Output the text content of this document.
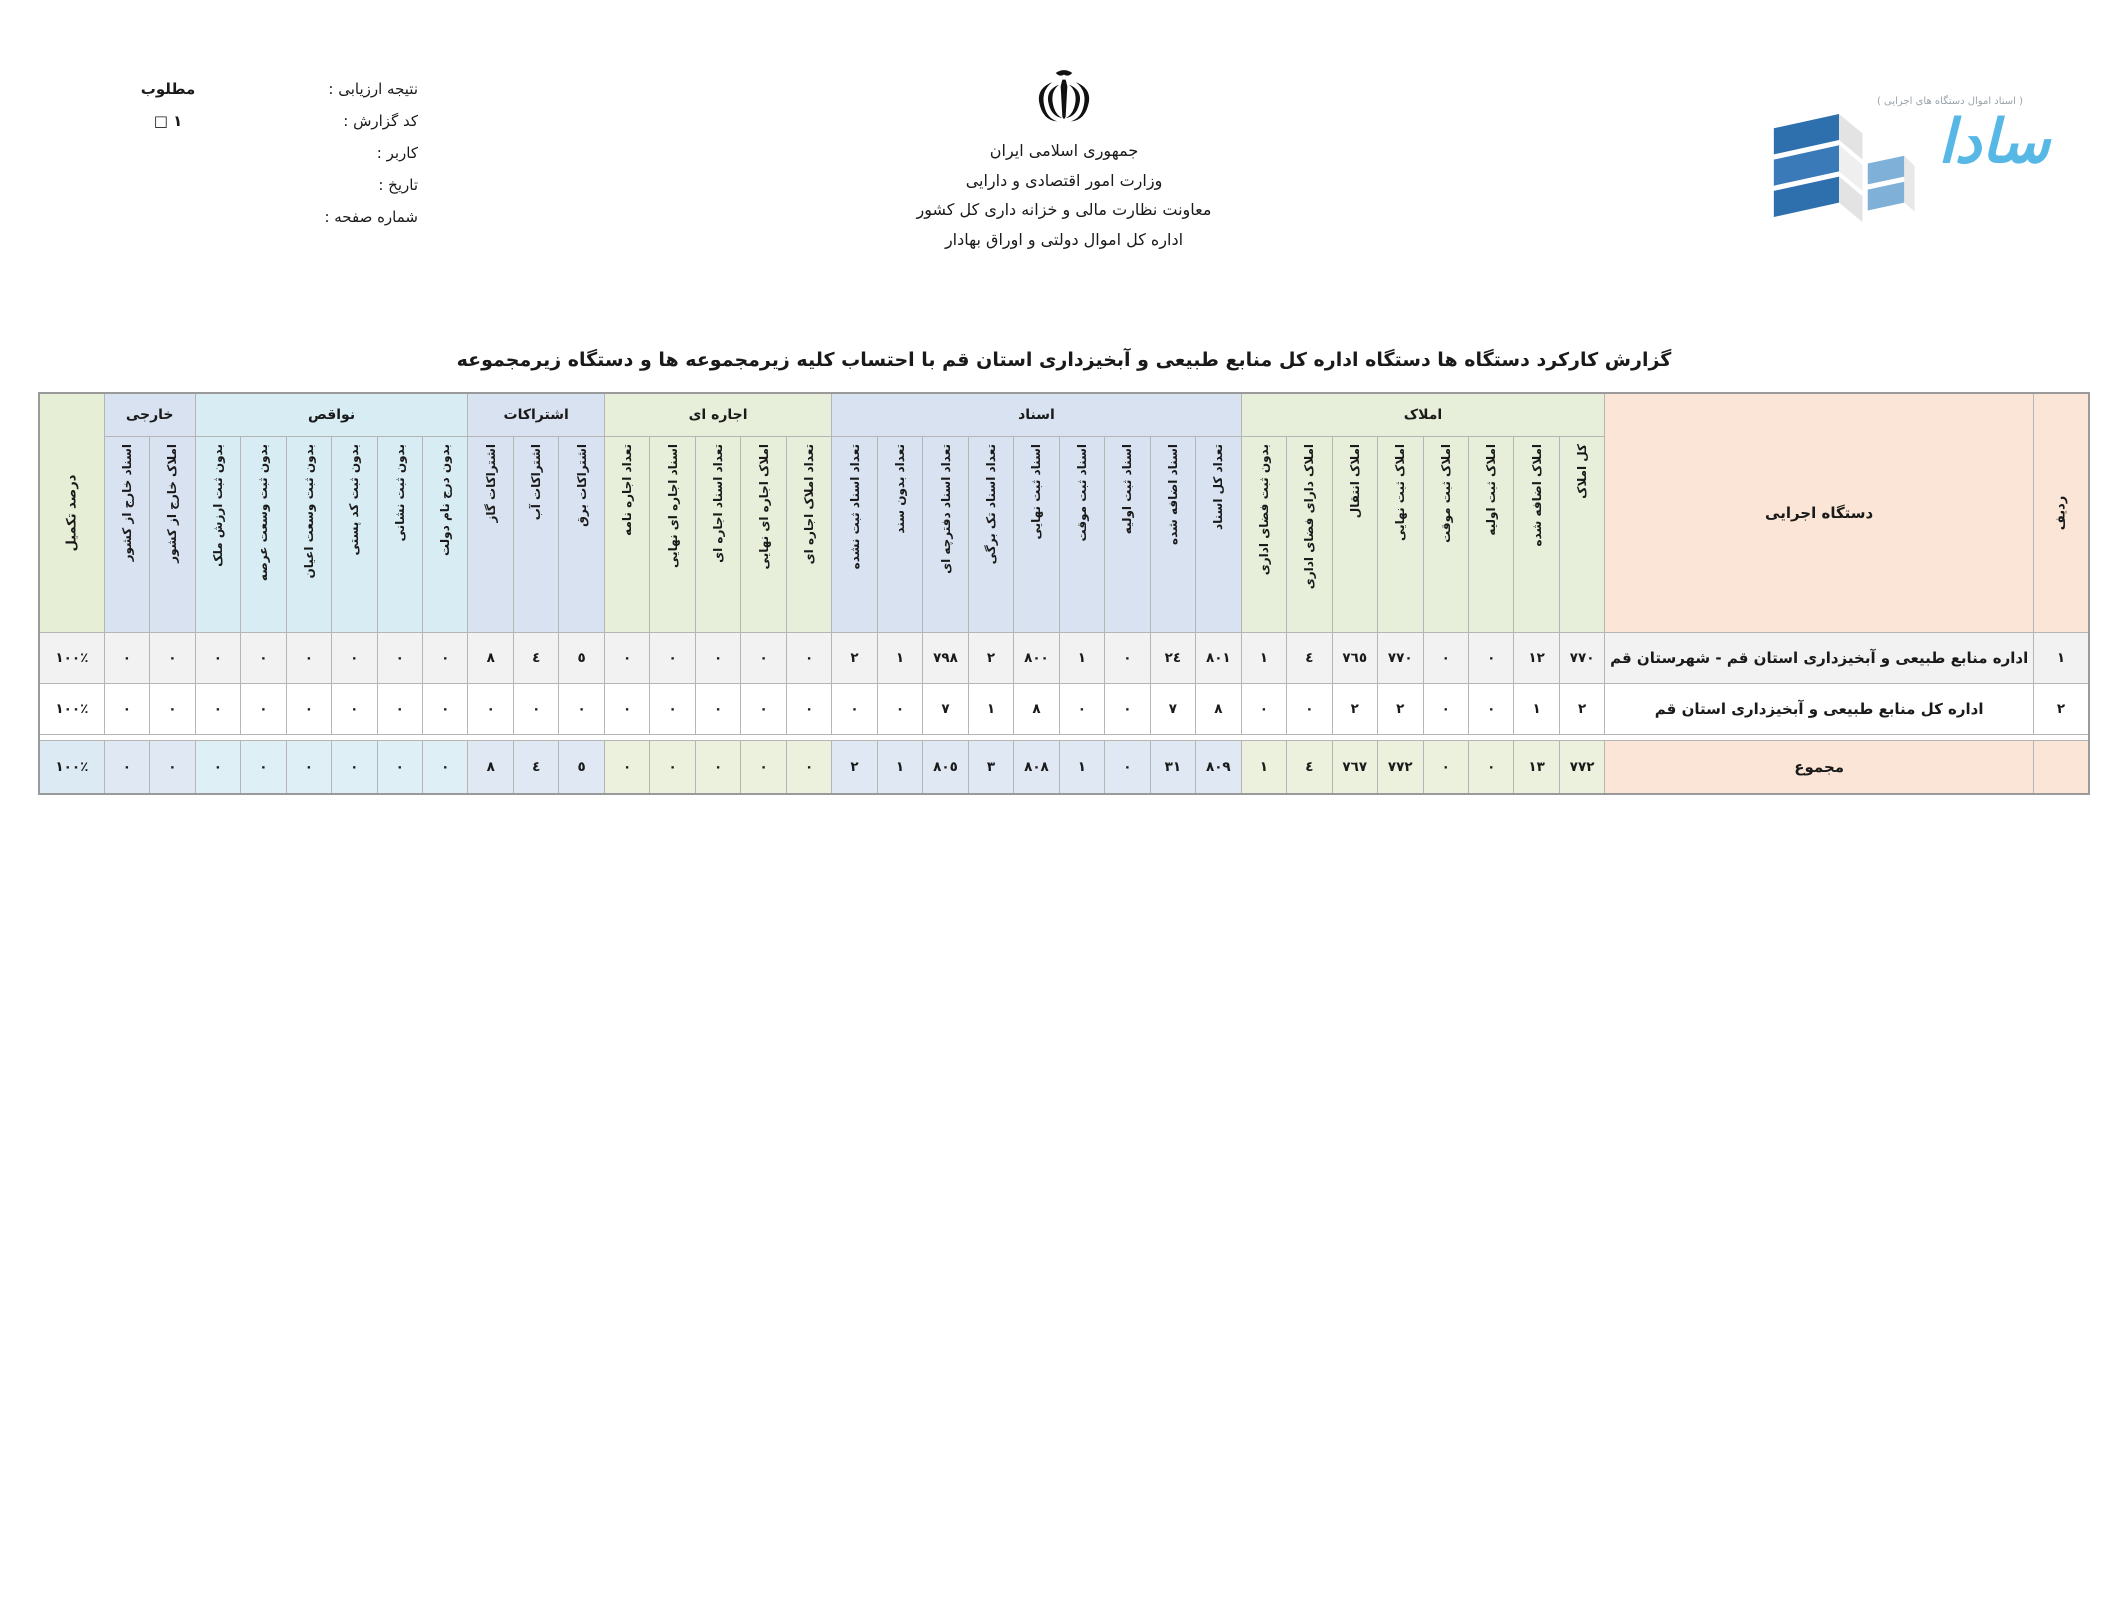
نتیجه ارزیابی :
مطلوب
کد گزارش :
١ □
کاربر :
تاریخ :
شماره صفحه :
جمهوری اسلامی ایران
وزارت امور اقتصادی و دارایی
معاونت نظارت مالی و خزانه داری کل کشور
اداره کل اموال دولتی و اوراق بهادار
( اسناد اموال دستگاه های اجرایی )
سادا
گزارش کارکرد دستگاه ها دستگاه اداره کل منابع طبیعی و آبخیزداری استان قم با احتساب کلیه زیرمجموعه ها و دستگاه زیرمجموعه
ردیف	دستگاه اجرایی	املاک								اسناد									اجاره ای					اشتراکات			نواقص						خارجی		درصد تکمیل

		کل املاک	املاک اضافه شده	املاک ثبت اولیه	املاک ثبت موقت	املاک ثبت نهایی	املاک انتقال	املاک دارای فضای اداری	بدون ثبت فضای اداری	تعداد کل اسناد	اسناد اضافه شده	اسناد ثبت اولیه	اسناد ثبت موقت	اسناد ثبت نهایی	تعداد اسناد تک برگی	تعداد اسناد دفترچه ای	تعداد بدون سند	تعداد اسناد ثبت نشده	تعداد املاک اجاره ای	املاک اجاره ای نهایی	تعداد اسناد اجاره ای	اسناد اجاره ای نهایی	تعداد اجاره نامه	اشتراکات برق	اشتراکات آب	اشتراکات گاز	بدون درج نام دولت	بدون ثبت نشانی	بدون ثبت کد پستی	بدون ثبت وسعت اعیان	بدون ثبت وسعت عرصه	بدون ثبت ارزش ملک	املاک خارج از کشور	اسناد خارج از کشور	

١	اداره منابع طبیعی و آبخیزداری استان قم - شهرستان قم	٧٧٠	١٢	٠	٠	٧٧٠	٧٦٥	٤	١	٨٠١	٢٤	٠	١	٨٠٠	٢	٧٩٨	١	٢	٠	٠	٠	٠	٠	٥	٤	٨	٠	٠	٠	٠	٠	٠	٠	٠	١٠٠٪
٢	اداره کل منابع طبیعی و آبخیزداری استان قم	٢	١	٠	٠	٢	٢	٠	٠	٨	٧	٠	٠	٨	١	٧	٠	٠	٠	٠	٠	٠	٠	٠	٠	٠	٠	٠	٠	٠	٠	٠	٠	٠	١٠٠٪

	مجموع	٧٧٢	١٣	٠	٠	٧٧٢	٧٦٧	٤	١	٨٠٩	٣١	٠	١	٨٠٨	٣	٨٠٥	١	٢	٠	٠	٠	٠	٠	٥	٤	٨	٠	٠	٠	٠	٠	٠	٠	٠	١٠٠٪
